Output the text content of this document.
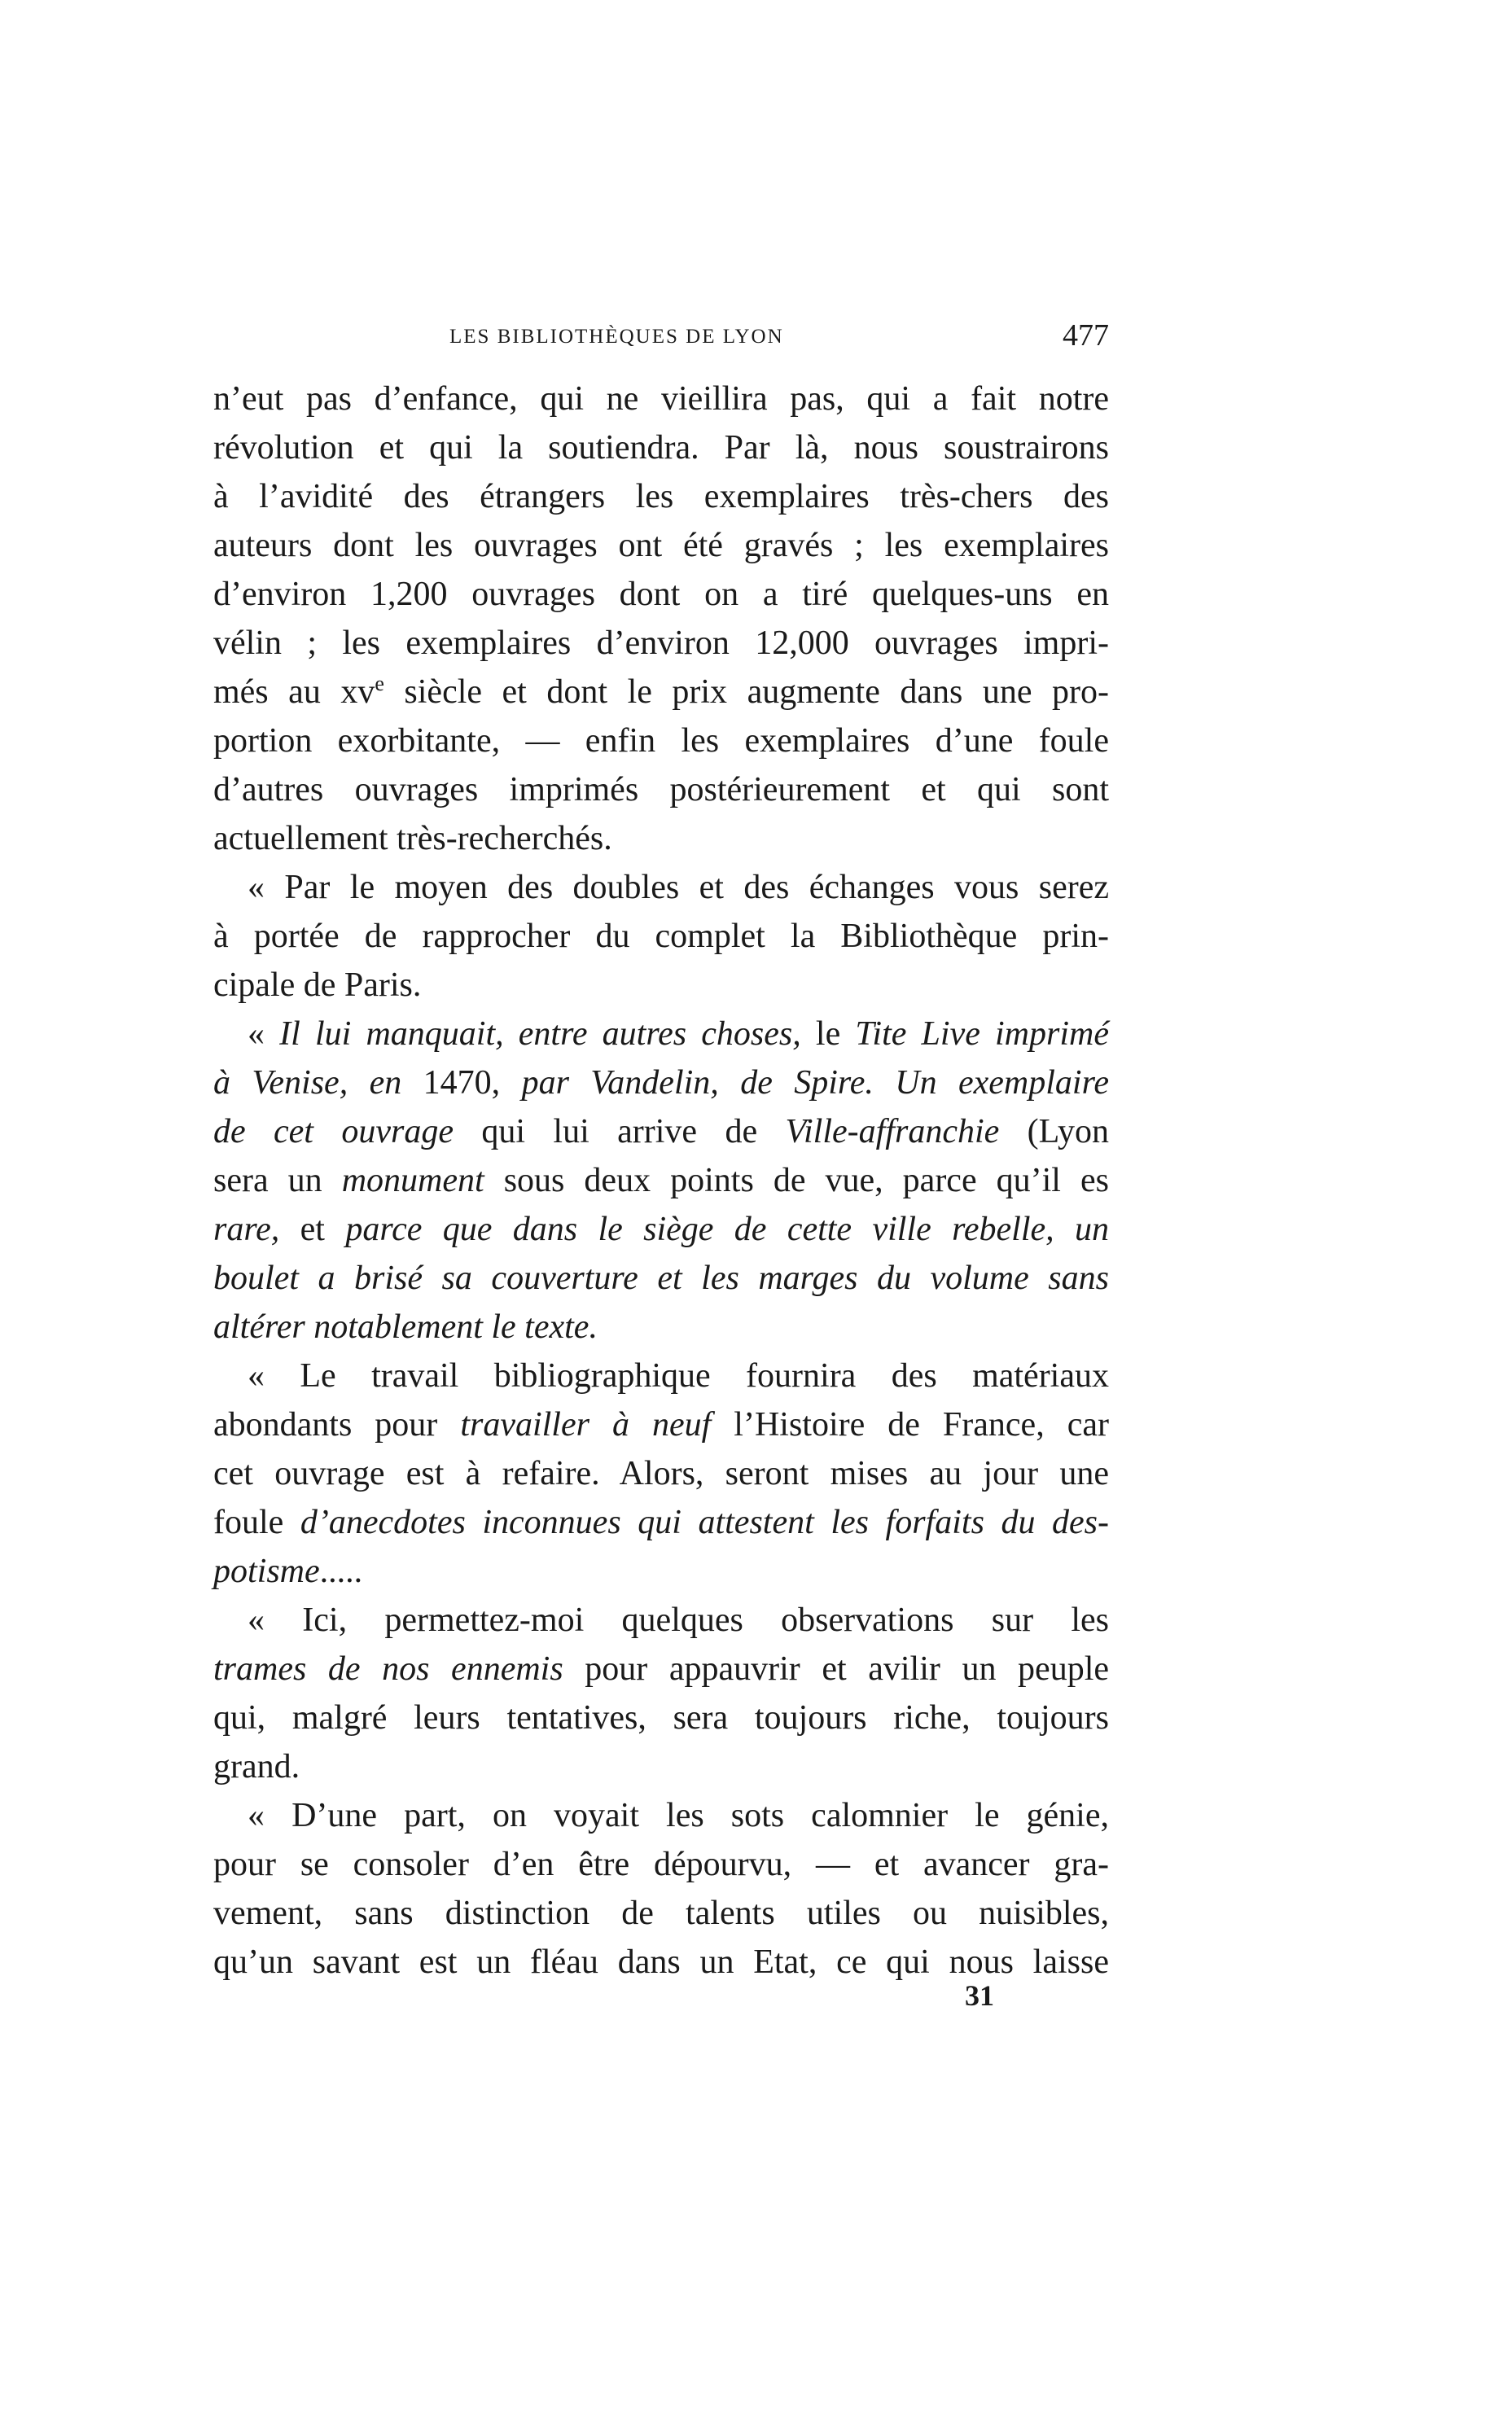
LES BIBLIOTHÈQUES DE LYON	477
n’eut pas d’enfance, qui ne vieillira pas, qui a fait notre
révolution et qui la soutiendra. Par là, nous soustrairons
à l’avidité des étrangers les exemplaires très-chers des
auteurs dont les ouvrages ont été gravés ; les exemplaires
d’environ 1,200 ouvrages dont on a tiré quelques-uns en
vélin ; les exemplaires d’environ 12,000 ouvrages impri-
més au $xv^e$ siècle et dont le prix augmente dans une pro-
portion exorbitante, — enfin les exemplaires d’une foule
d’autres ouvrages imprimés postérieurement et qui sont
actuellement très-recherchés.
« Par le moyen des doubles et des échanges vous serez
à portée de rapprocher du complet la Bibliothèque prin-
cipale de Paris.
« Il lui manquait, entre autres choses, le Tite Live imprimé
à Venise, en 1470, par Vandelin, de Spire. Un exemplaire
de cet ouvrage qui lui arrive de Ville-affranchie (Lyon
sera un monument sous deux points de vue, parce qu’il es
rare, et parce que dans le siège de cette ville rebelle, un
boulet a brisé sa couverture et les marges du volume sans
altérer notablement le texte.
« Le travail bibliographique fournira des matériaux
abondants pour travailler à neuf l’Histoire de France, car
cet ouvrage est à refaire. Alors, seront mises au jour une
foule d’anecdotes inconnues qui attestent les forfaits du des-
potisme.....
« Ici, permettez-moi quelques observations sur les
trames de nos ennemis pour appauvrir et avilir un peuple
qui, malgré leurs tentatives, sera toujours riche, toujours
grand.
« D’une part, on voyait les sots calomnier le génie,
pour se consoler d’en être dépourvu, — et avancer gra-
vement, sans distinction de talents utiles ou nuisibles,
qu’un savant est un fléau dans un Etat, ce qui nous laisse
31
